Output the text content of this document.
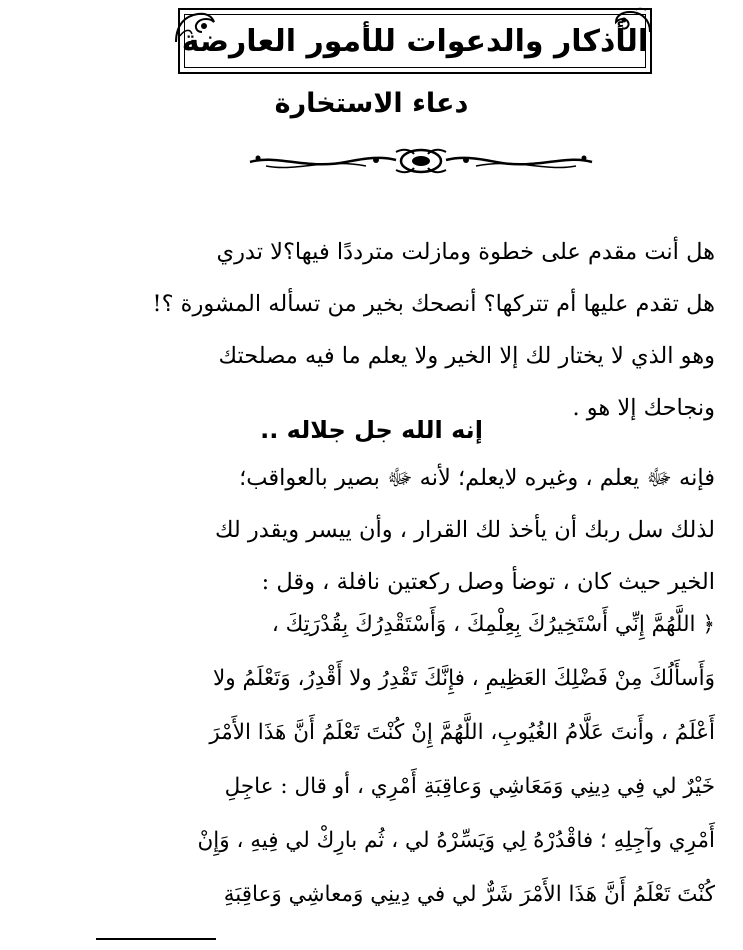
الأذكار والدعوات للأمور العارضة
دعاء الاستخارة
هل أنت مقدم على خطوة ومازلت مترددًا فيها؟لا تدري
هل تقدم عليها أم تتركها؟ أنصحك بخير من تسأله المشورة ؟!
وهو الذي لا يختار لك إلا الخير ولا يعلم ما فيه مصلحتك
ونجاحك إلا هو .
إنه الله جل جلاله ..
فإنه ﷻ يعلم ، وغيره لايعلم؛ لأنه ﷻ بصير بالعواقب؛
لذلك سل ربك أن يأخذ لك القرار ، وأن ييسر ويقدر لك
الخير حيث كان ، توضأ وصل ركعتين نافلة ، وقل :
﴿ اللَّهُمَّ إِنِّي أَسْتَخِيرُكَ بِعِلْمِكَ ، وَأَسْتَقْدِرُكَ بِقُدْرَتِكَ ،
وَأَسأَلُكَ مِنْ فَضْلِكَ العَظِيمِ ، فإِنَّكَ تَقْدِرُ ولا أَقْدِرُ، وَتَعْلَمُ ولا
أَعْلَمُ ، وأَنتَ عَلَّامُ الغُيُوبِ، اللَّهُمَّ إِنْ كُنْتَ تَعْلَمُ أَنَّ هَذَا الأَمْرَ
خَيْرٌ لي فِي دِينِي وَمَعَاشِي وَعاقِبَةِ أَمْرِي ، أو قال : عاجِلِ
أَمْرِي وآجِلِهِ ؛ فاقْدُرْهُ لِي وَيَسِّرْهُ لي ، ثُم بارِكْ لي فِيهِ ، وَإِنْ
كُنْتَ تَعْلَمُ أَنَّ هَذَا الأَمْرَ شَرٌّ لي في دِينِي وَمعاشِي وَعاقِبَةِ
